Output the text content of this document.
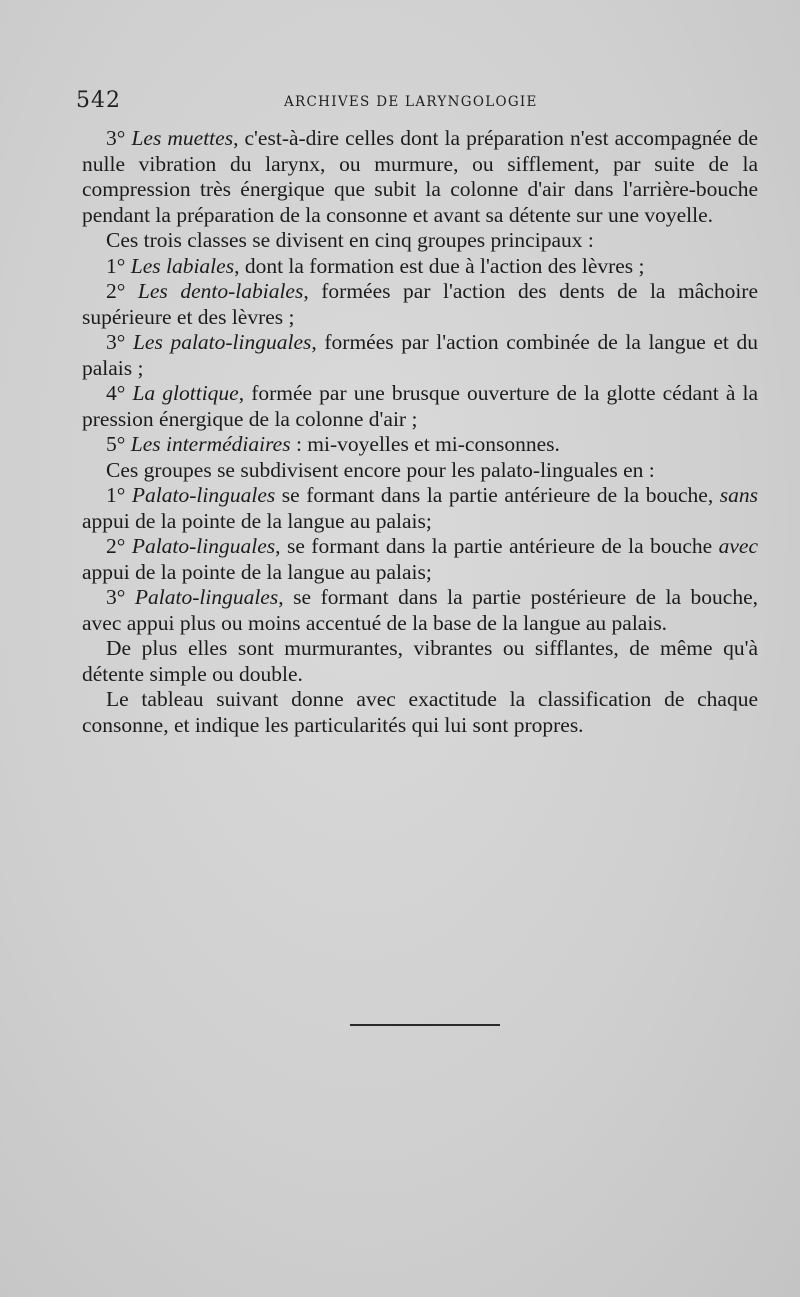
542	ARCHIVES DE LARYNGOLOGIE

3° Les muettes, c'est-à-dire celles dont la préparation n'est accompagnée de nulle vibration du larynx, ou murmure, ou sifflement, par suite de la compression très énergique que subit la colonne d'air dans l'arrière-bouche pendant la préparation de la consonne et avant sa détente sur une voyelle.

Ces trois classes se divisent en cinq groupes principaux :

1° Les labiales, dont la formation est due à l'action des lèvres ;

2° Les dento-labiales, formées par l'action des dents de la mâchoire supérieure et des lèvres ;

3° Les palato-linguales, formées par l'action combinée de la langue et du palais ;

4° La glottique, formée par une brusque ouverture de la glotte cédant à la pression énergique de la colonne d'air ;

5° Les intermédiaires : mi-voyelles et mi-consonnes.

Ces groupes se subdivisent encore pour les palato-linguales en :

1° Palato-linguales se formant dans la partie antérieure de la bouche, sans appui de la pointe de la langue au palais;

2° Palato-linguales, se formant dans la partie antérieure de la bouche avec appui de la pointe de la langue au palais;

3° Palato-linguales, se formant dans la partie postérieure de la bouche, avec appui plus ou moins accentué de la base de la langue au palais.

De plus elles sont murmurantes, vibrantes ou sifflantes, de même qu'à détente simple ou double.

Le tableau suivant donne avec exactitude la classification de chaque consonne, et indique les particularités qui lui sont propres.
